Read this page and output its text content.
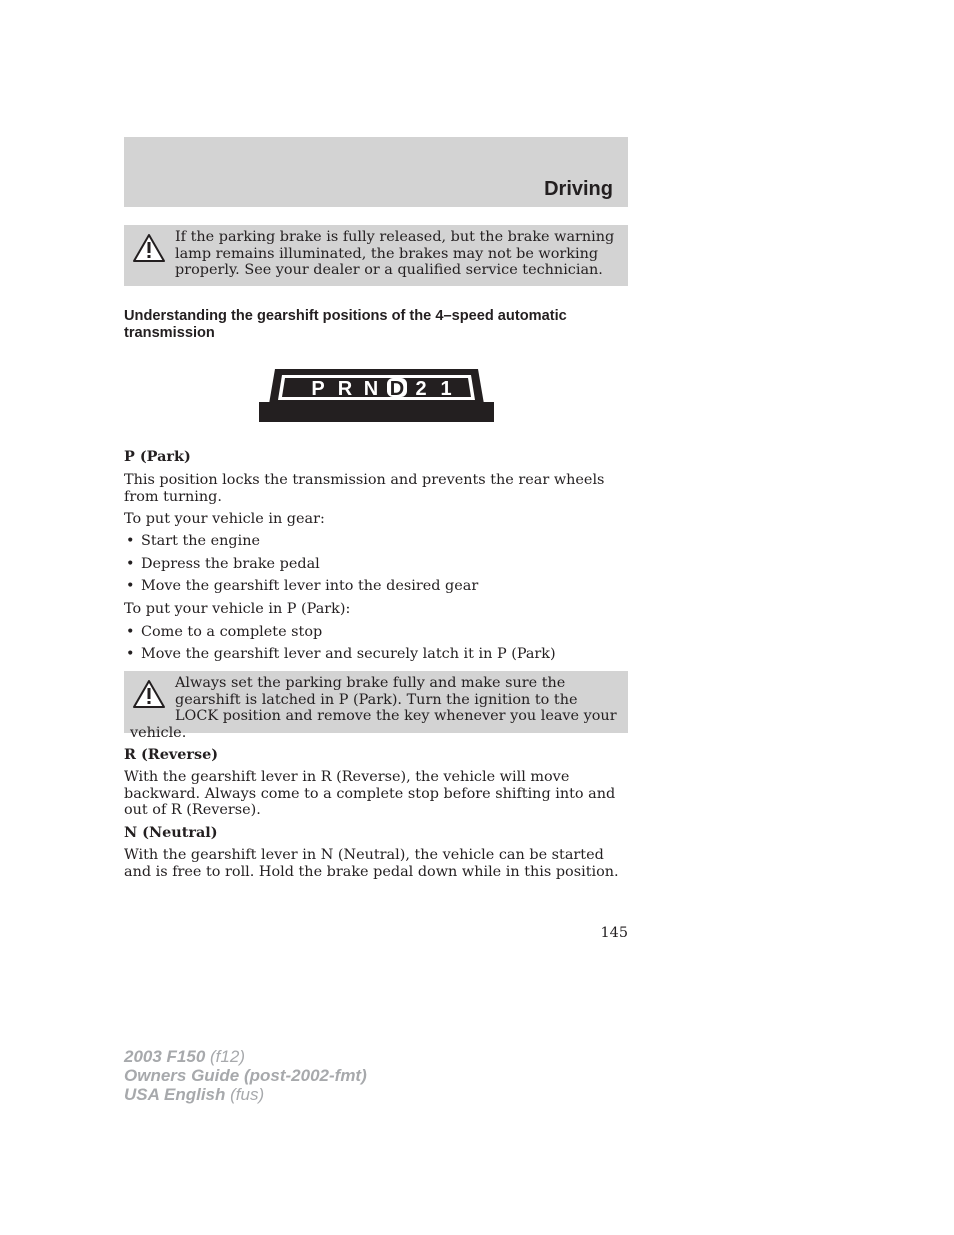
Driving
If the parking brake is fully released, but the brake warning lamp remains illuminated, the brakes may not be working properly. See your dealer or a qualified service technician.
Understanding the gearshift positions of the 4–speed automatic transmission
P R N D 2 1
P (Park)
This position locks the transmission and prevents the rear wheels from turning.
To put your vehicle in gear:
• Start the engine
• Depress the brake pedal
• Move the gearshift lever into the desired gear
To put your vehicle in P (Park):
• Come to a complete stop
• Move the gearshift lever and securely latch it in P (Park)
Always set the parking brake fully and make sure the gearshift is latched in P (Park). Turn the ignition to the LOCK position and remove the key whenever you leave your vehicle.
R (Reverse)
With the gearshift lever in R (Reverse), the vehicle will move backward. Always come to a complete stop before shifting into and out of R (Reverse).
N (Neutral)
With the gearshift lever in N (Neutral), the vehicle can be started and is free to roll. Hold the brake pedal down while in this position.
145
2003 F150 (f12)
Owners Guide (post-2002-fmt)
USA English (fus)
